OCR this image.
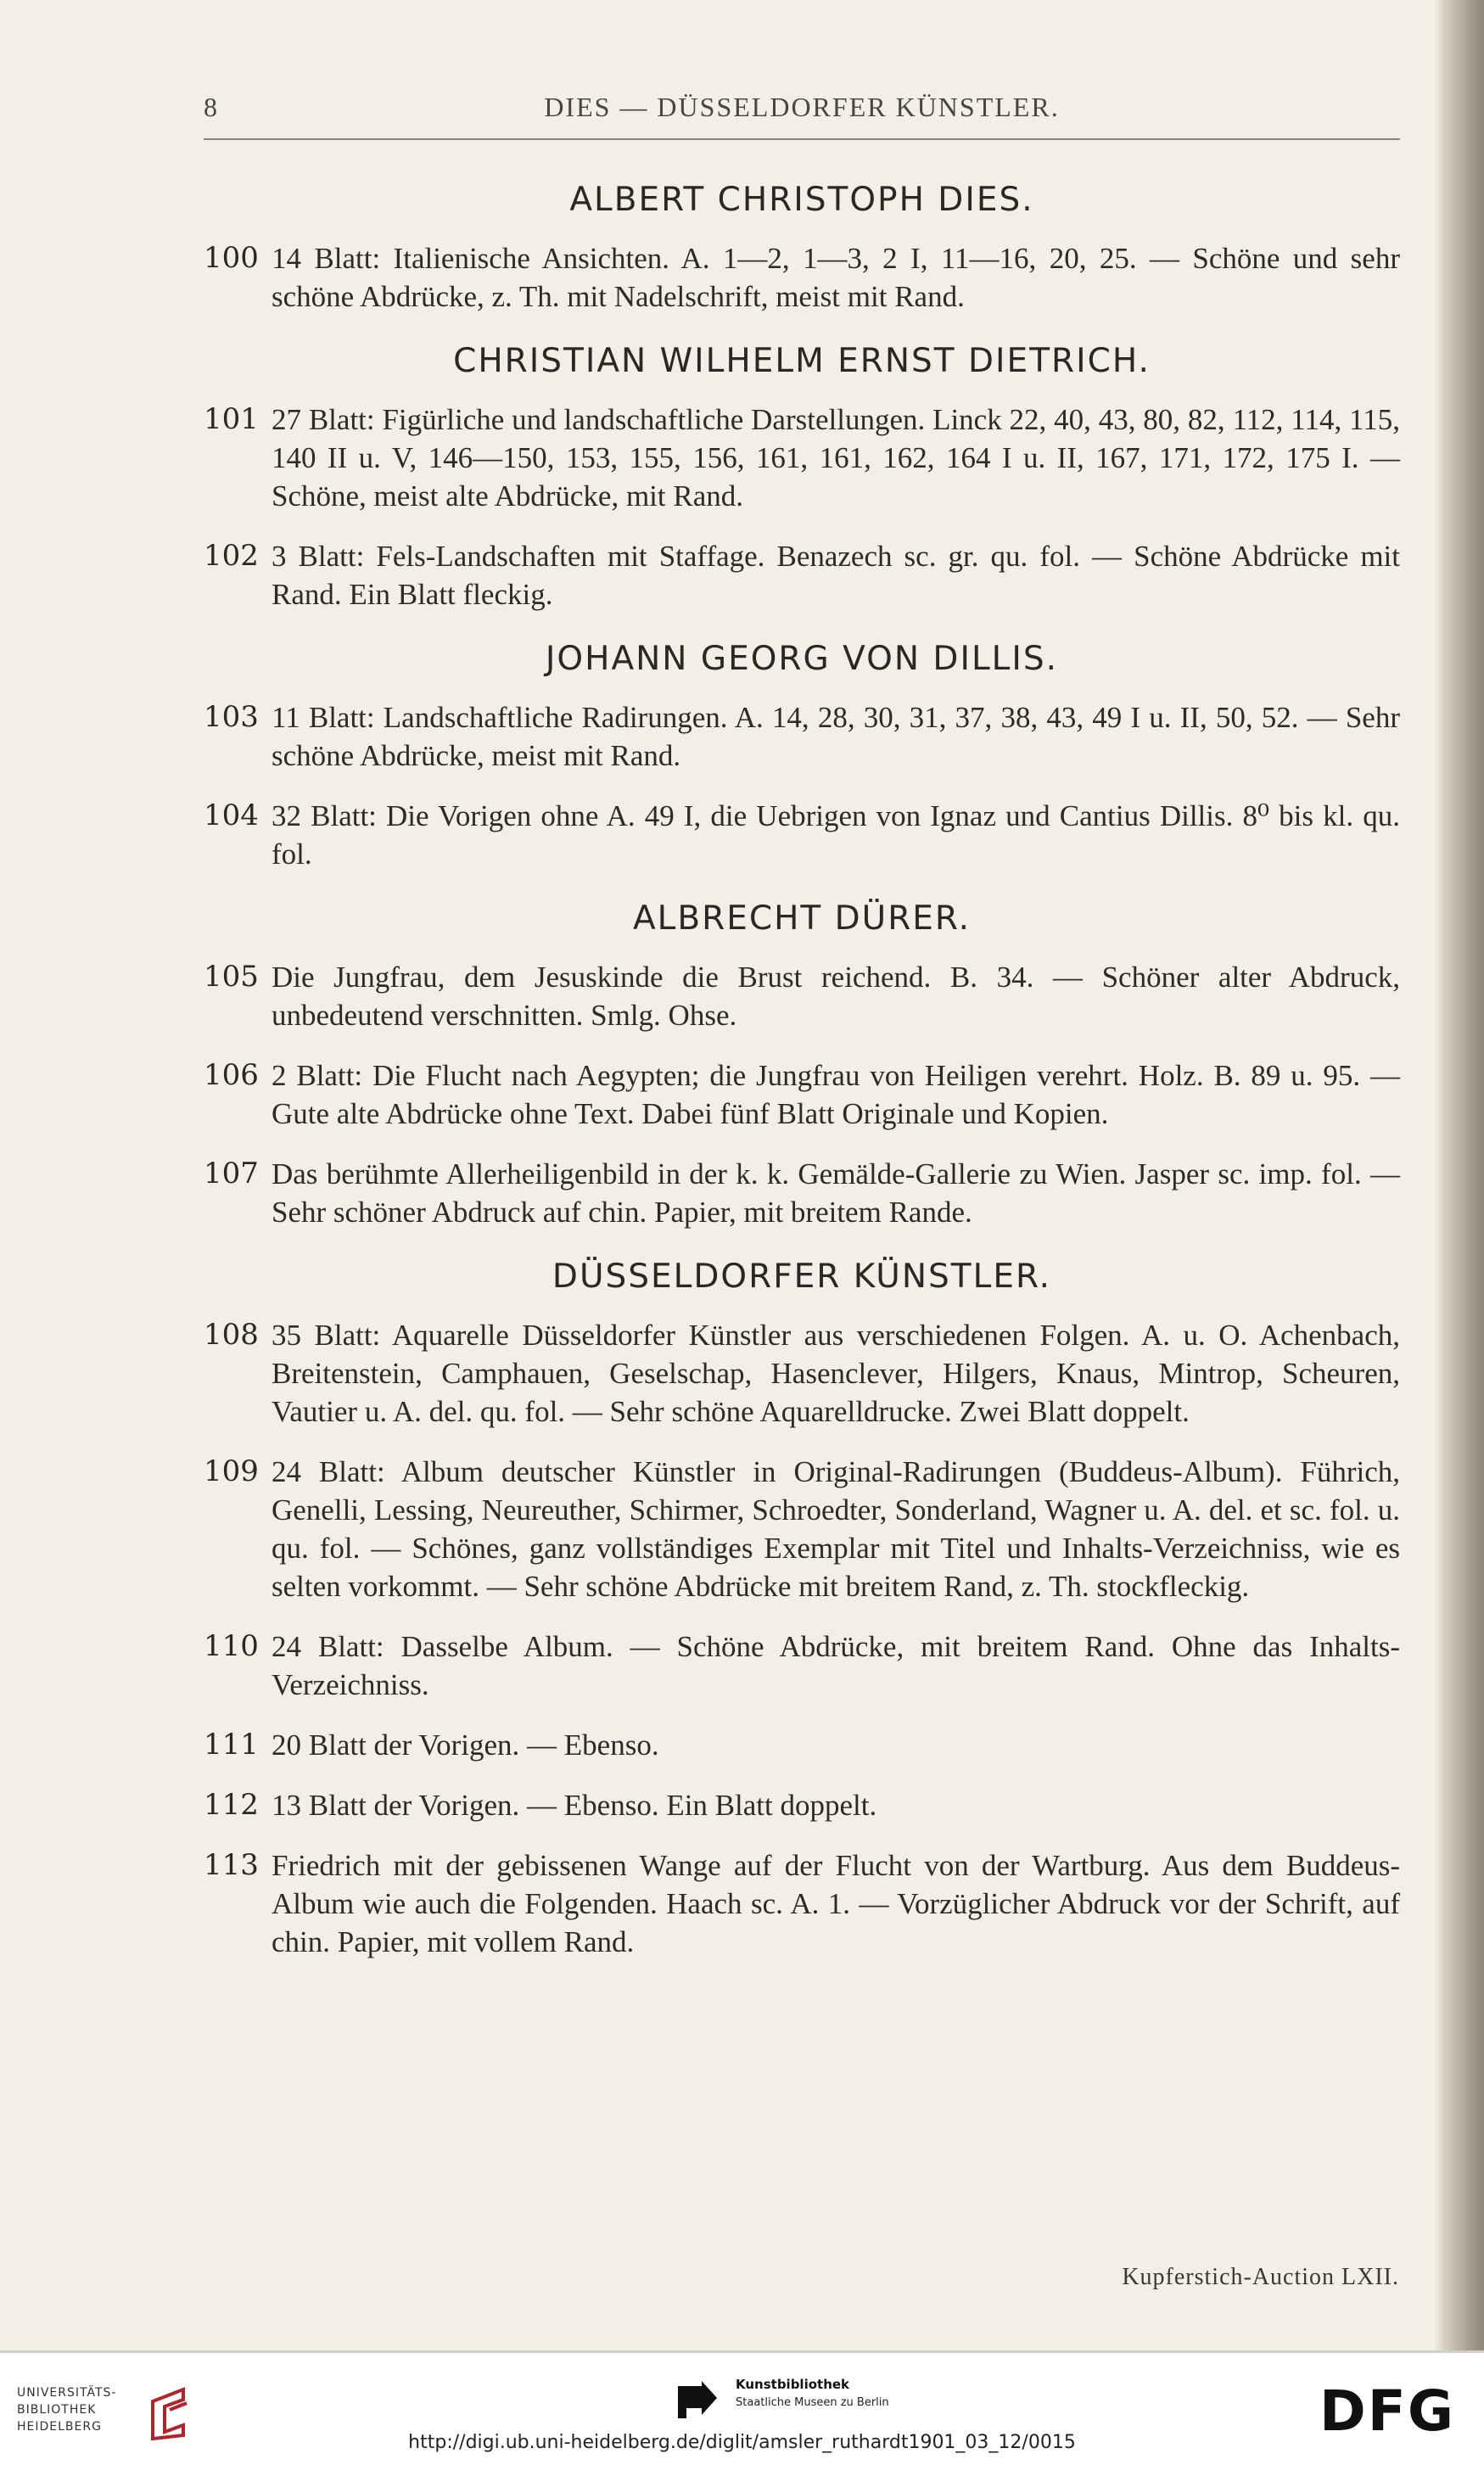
8	DIES — DÜSSELDORFER KÜNSTLER.
ALBERT CHRISTOPH DIES.
100 14 Blatt: Italienische Ansichten. A. 1—2, 1—3, 2 I, 11—16, 20, 25. — Schöne und sehr schöne Abdrücke, z. Th. mit Nadelschrift, meist mit Rand.
CHRISTIAN WILHELM ERNST DIETRICH.
101 27 Blatt: Figürliche und landschaftliche Darstellungen. Linck 22, 40, 43, 80, 82, 112, 114, 115, 140 II u. V, 146—150, 153, 155, 156, 161, 161, 162, 164 I u. II, 167, 171, 172, 175 I. — Schöne, meist alte Abdrücke, mit Rand.
102 3 Blatt: Fels-Landschaften mit Staffage. Benazech sc. gr. qu. fol. — Schöne Abdrücke mit Rand. Ein Blatt fleckig.
JOHANN GEORG VON DILLIS.
103 11 Blatt: Landschaftliche Radirungen. A. 14, 28, 30, 31, 37, 38, 43, 49 I u. II, 50, 52. — Sehr schöne Abdrücke, meist mit Rand.
104 32 Blatt: Die Vorigen ohne A. 49 I, die Uebrigen von Ignaz und Cantius Dillis. 8⁰ bis kl. qu. fol.
ALBRECHT DÜRER.
105 Die Jungfrau, dem Jesuskinde die Brust reichend. B. 34. — Schöner alter Abdruck, unbedeutend verschnitten. Smlg. Ohse.
106 2 Blatt: Die Flucht nach Aegypten; die Jungfrau von Heiligen verehrt. Holz. B. 89 u. 95. — Gute alte Abdrücke ohne Text. Dabei fünf Blatt Originale und Kopien.
107 Das berühmte Allerheiligenbild in der k. k. Gemälde-Gallerie zu Wien. Jasper sc. imp. fol. — Sehr schöner Abdruck auf chin. Papier, mit breitem Rande.
DÜSSELDORFER KÜNSTLER.
108 35 Blatt: Aquarelle Düsseldorfer Künstler aus verschiedenen Folgen. A. u. O. Achenbach, Breitenstein, Camphauen, Geselschap, Hasenclever, Hilgers, Knaus, Mintrop, Scheuren, Vautier u. A. del. qu. fol. — Sehr schöne Aquarelldrucke. Zwei Blatt doppelt.
109 24 Blatt: Album deutscher Künstler in Original-Radirungen (Buddeus-Album). Führich, Genelli, Lessing, Neureuther, Schirmer, Schroedter, Sonderland, Wagner u. A. del. et sc. fol. u. qu. fol. — Schönes, ganz vollständiges Exemplar mit Titel und Inhalts-Verzeichniss, wie es selten vorkommt. — Sehr schöne Abdrücke mit breitem Rand, z. Th. stockfleckig.
110 24 Blatt: Dasselbe Album. — Schöne Abdrücke, mit breitem Rand. Ohne das Inhalts-Verzeichniss.
111 20 Blatt der Vorigen. — Ebenso.
112 13 Blatt der Vorigen. — Ebenso. Ein Blatt doppelt.
113 Friedrich mit der gebissenen Wange auf der Flucht von der Wartburg. Aus dem Buddeus-Album wie auch die Folgenden. Haach sc. A. 1. — Vorzüglicher Abdruck vor der Schrift, auf chin. Papier, mit vollem Rand.
Kupferstich-Auction LXII.
UNIVERSITÄTS-
BIBLIOTHEK
HEIDELBERG
Kunstbibliothek
Staatliche Museen zu Berlin	DFG
http://digi.ub.uni-heidelberg.de/diglit/amsler_ruthardt1901_03_12/0015
